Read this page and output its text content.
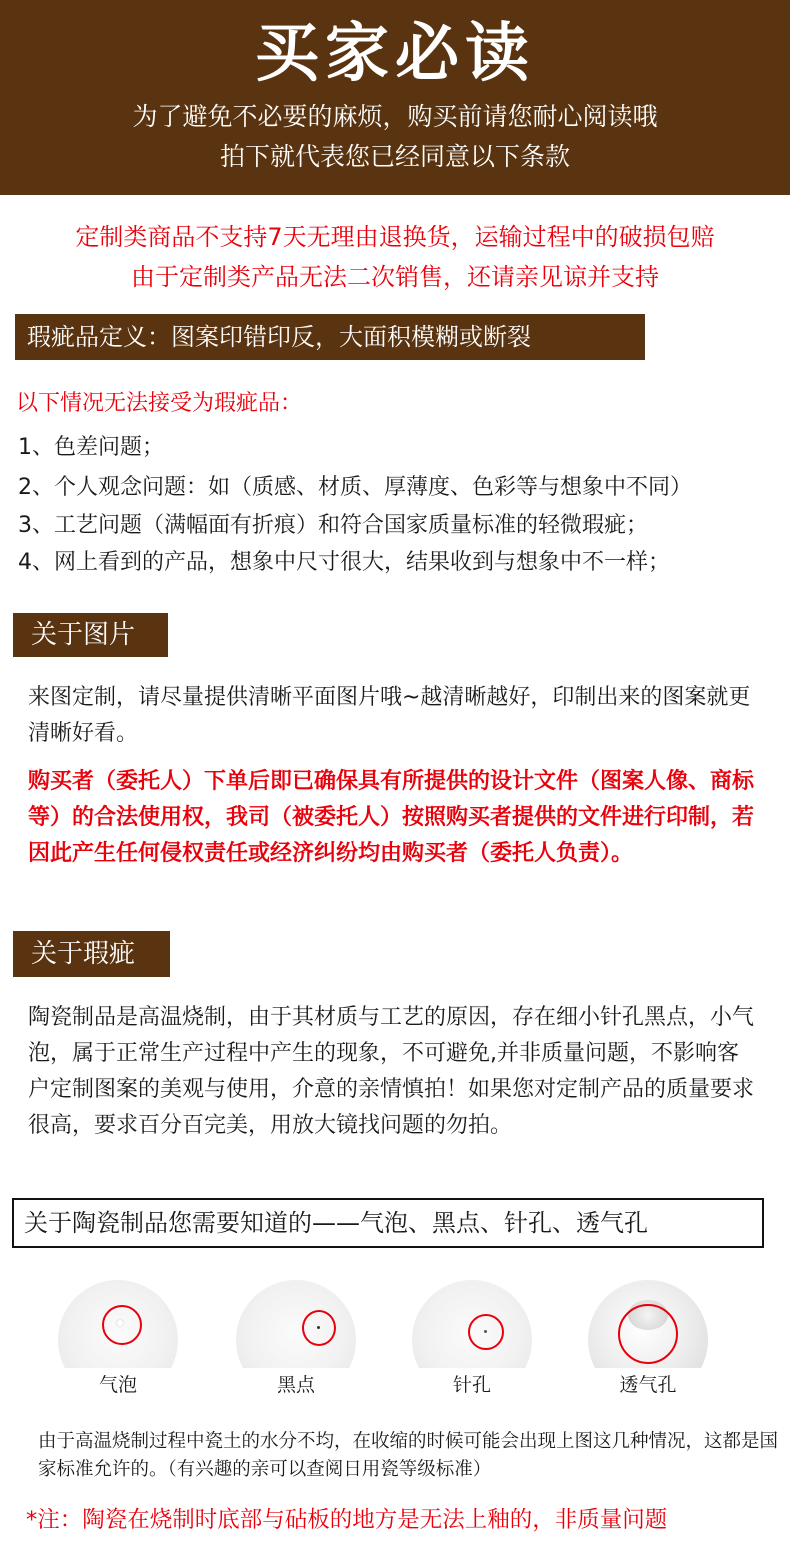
买家必读
为了避免不必要的麻烦，购买前请您耐心阅读哦
拍下就代表您已经同意以下条款
定制类商品不支持7天无理由退换货，运输过程中的破损包赔
由于定制类产品无法二次销售，还请亲见谅并支持
瑕疵品定义：图案印错印反，大面积模糊或断裂
以下情况无法接受为瑕疵品：
1、色差问题；
2、个人观念问题：如（质感、材质、厚薄度、色彩等与想象中不同）
3、工艺问题（满幅面有折痕）和符合国家质量标准的轻微瑕疵；
4、网上看到的产品，想象中尺寸很大，结果收到与想象中不一样；
关于图片
来图定制，请尽量提供清晰平面图片哦~越清晰越好，印制出来的图案就更清晰好看。
购买者（委托人）下单后即已确保具有所提供的设计文件（图案人像、商标等）的合法使用权，我司（被委托人）按照购买者提供的文件进行印制，若因此产生任何侵权责任或经济纠纷均由购买者（委托人负责）。
关于瑕疵
陶瓷制品是高温烧制，由于其材质与工艺的原因，存在细小针孔黑点，小气泡，属于正常生产过程中产生的现象，不可避免,并非质量问题，不影响客户定制图案的美观与使用，介意的亲情慎拍！如果您对定制产品的质量要求很高，要求百分百完美，用放大镜找问题的勿拍。
关于陶瓷制品您需要知道的——气泡、黑点、针孔、透气孔
气泡	黑点	针孔	透气孔
由于高温烧制过程中瓷土的水分不均，在收缩的时候可能会出现上图这几种情况，这都是国家标准允许的。（有兴趣的亲可以查阅日用瓷等级标准）
*注：陶瓷在烧制时底部与砧板的地方是无法上釉的，非质量问题
